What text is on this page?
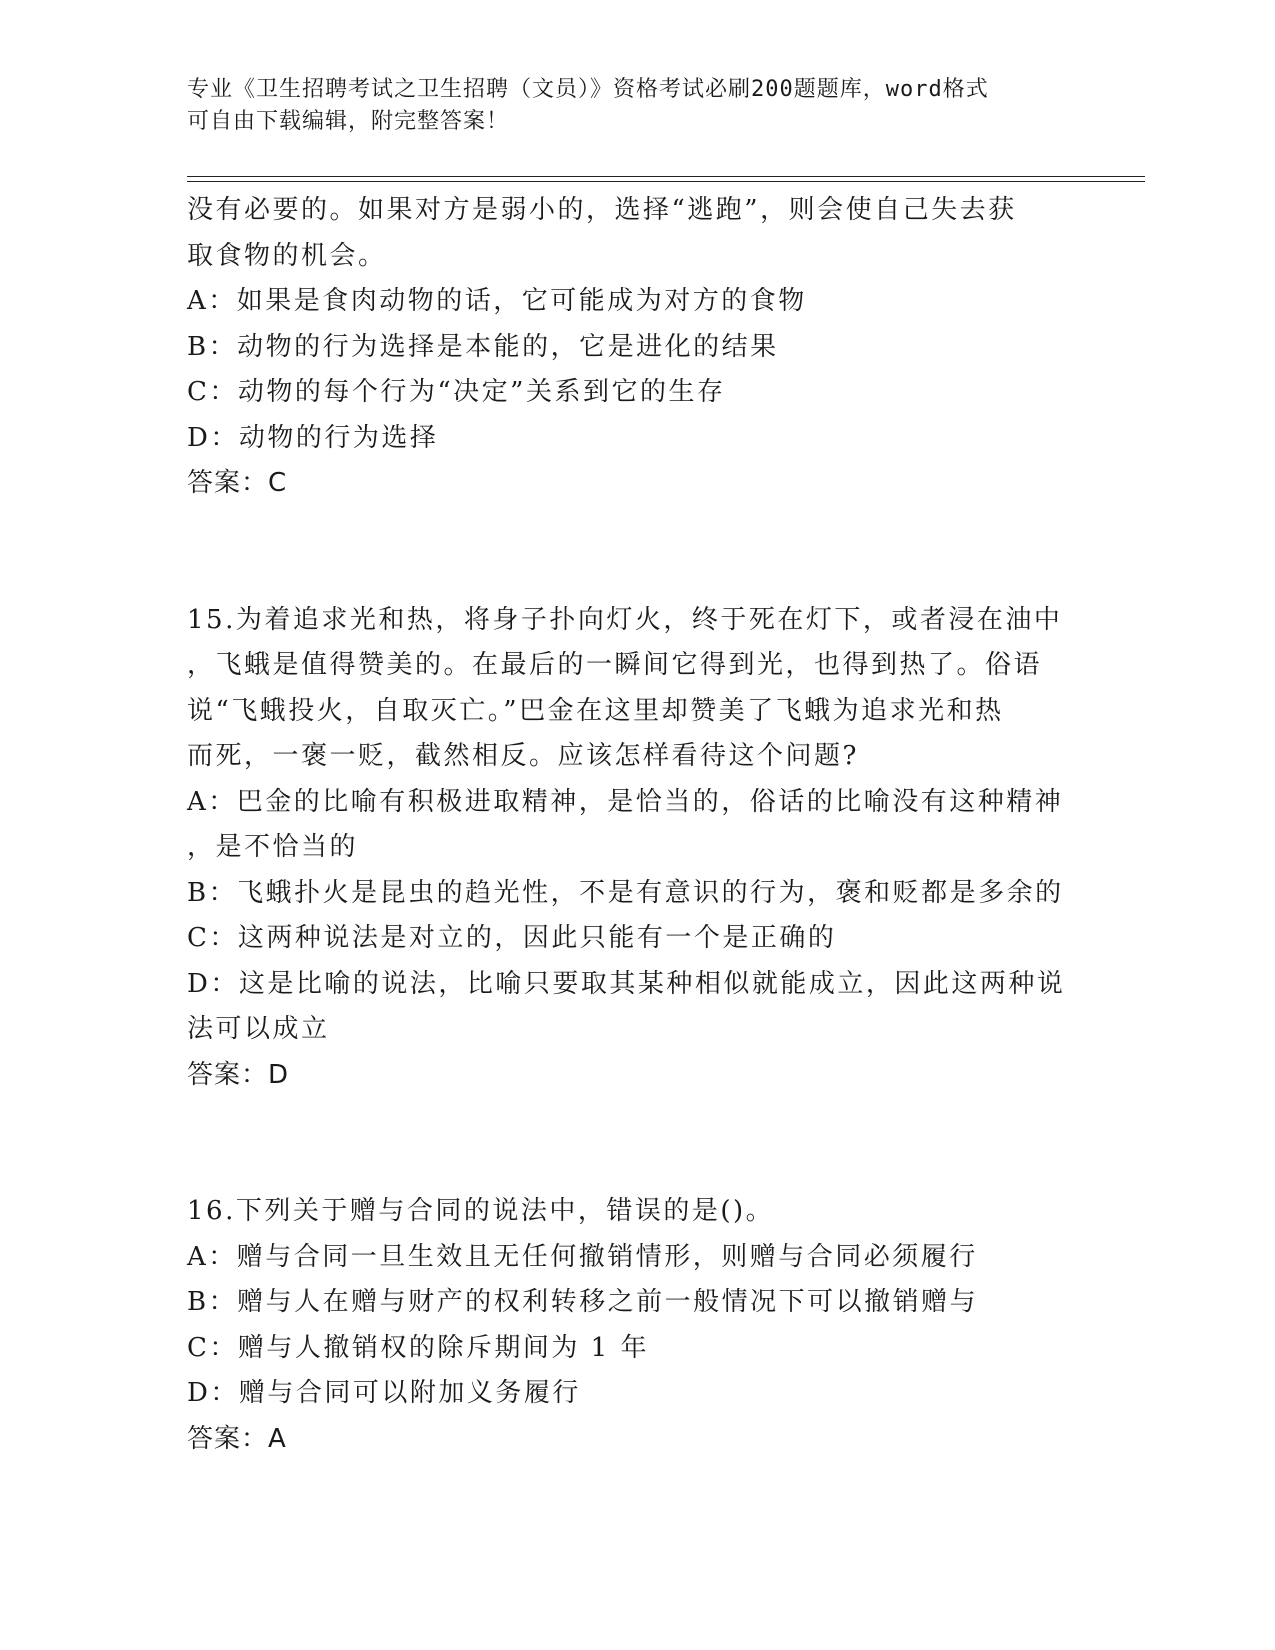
专业《卫生招聘考试之卫生招聘（文员）》资格考试必刷200题题库，word格式
可自由下载编辑，附完整答案！
没有必要的。如果对方是弱小的，选择“逃跑”，则会使自己失去获
取食物的机会。
A：如果是食肉动物的话，它可能成为对方的食物
B：动物的行为选择是本能的，它是进化的结果
C：动物的每个行为“决定”关系到它的生存
D：动物的行为选择
答案：C
15.为着追求光和热，将身子扑向灯火，终于死在灯下，或者浸在油中
，飞蛾是值得赞美的。在最后的一瞬间它得到光，也得到热了。俗语
说“飞蛾投火，自取灭亡。”巴金在这里却赞美了飞蛾为追求光和热
而死，一褒一贬，截然相反。应该怎样看待这个问题?
A：巴金的比喻有积极进取精神，是恰当的，俗话的比喻没有这种精神
，是不恰当的
B：飞蛾扑火是昆虫的趋光性，不是有意识的行为，褒和贬都是多余的
C：这两种说法是对立的，因此只能有一个是正确的
D：这是比喻的说法，比喻只要取其某种相似就能成立，因此这两种说
法可以成立
答案：D
16.下列关于赠与合同的说法中，错误的是()。
A：赠与合同一旦生效且无任何撤销情形，则赠与合同必须履行
B：赠与人在赠与财产的权利转移之前一般情况下可以撤销赠与
C：赠与人撤销权的除斥期间为 1 年
D：赠与合同可以附加义务履行
答案：A
